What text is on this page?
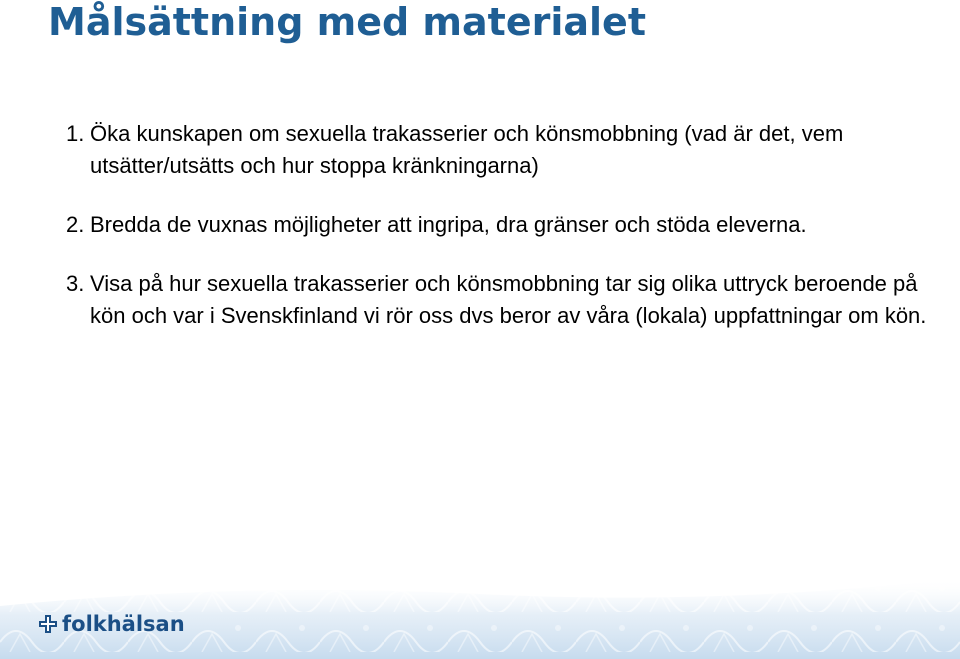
Målsättning med materialet
1. Öka kunskapen om sexuella trakasserier och könsmobbning (vad är det, vem utsätter/utsätts och hur stoppa kränkningarna)
2. Bredda de vuxnas möjligheter att ingripa, dra gränser och stöda eleverna.
3. Visa på hur sexuella trakasserier och könsmobbning tar sig olika uttryck beroende på kön och var i Svenskfinland vi rör oss dvs beror av våra (lokala) uppfattningar om kön.
folkhälsan
